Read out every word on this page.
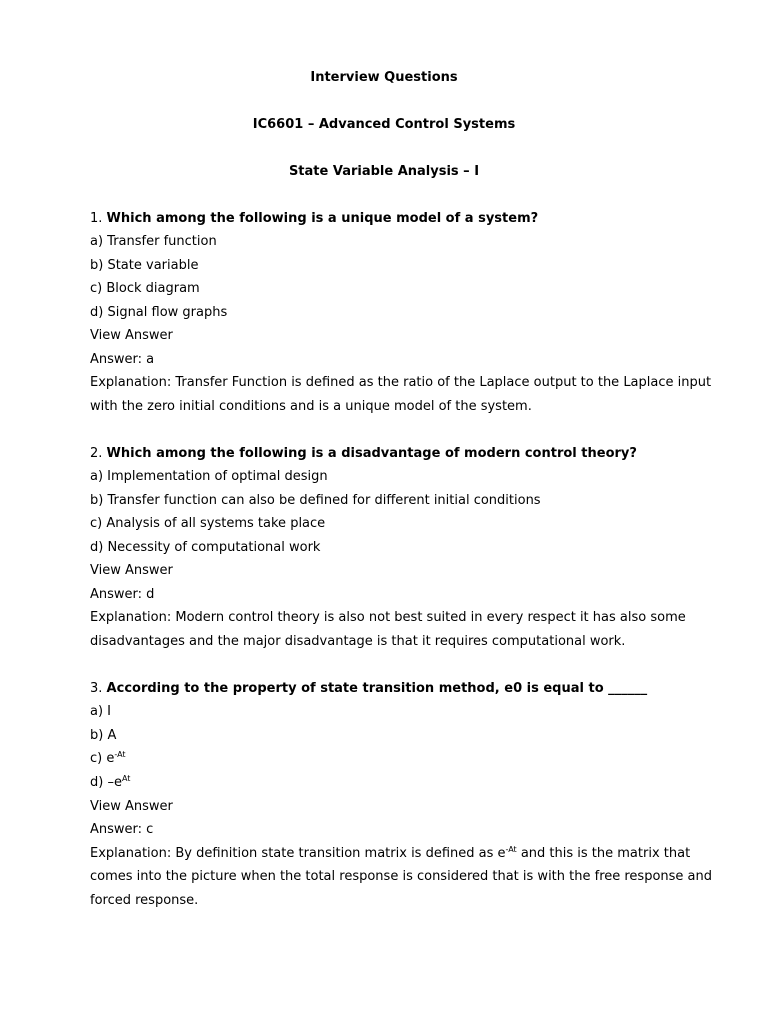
Interview Questions
IC6601 – Advanced Control Systems
State Variable Analysis – I
1. Which among the following is a unique model of a system?
a) Transfer function
b) State variable
c) Block diagram
d) Signal flow graphs
View Answer
Answer: a
Explanation: Transfer Function is defined as the ratio of the Laplace output to the Laplace input
with the zero initial conditions and is a unique model of the system.
2. Which among the following is a disadvantage of modern control theory?
a) Implementation of optimal design
b) Transfer function can also be defined for different initial conditions
c) Analysis of all systems take place
d) Necessity of computational work
View Answer
Answer: d
Explanation: Modern control theory is also not best suited in every respect it has also some
disadvantages and the major disadvantage is that it requires computational work.
3. According to the property of state transition method, e0 is equal to ______
a) I
b) A
c) $e^{-At}$
d) $-e^{At}$
View Answer
Answer: c
Explanation: By definition state transition matrix is defined as $e^{-At}$ and this is the matrix that
comes into the picture when the total response is considered that is with the free response and
forced response.
